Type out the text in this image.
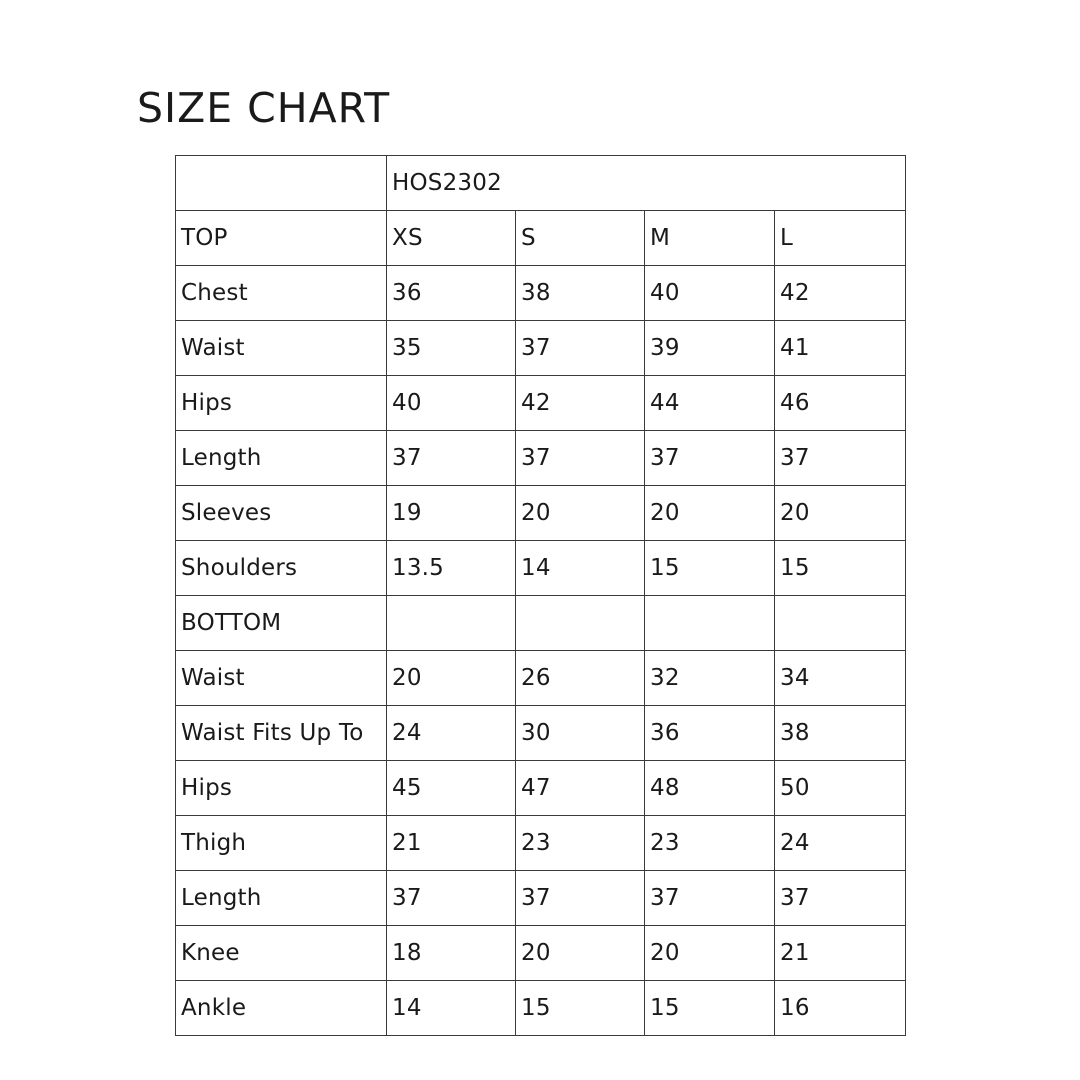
SIZE CHART
	HOS2302			
TOP	XS	S	M	L
Chest	36	38	40	42
Waist	35	37	39	41
Hips	40	42	44	46
Length	37	37	37	37
Sleeves	19	20	20	20
Shoulders	13.5	14	15	15
BOTTOM				
Waist	20	26	32	34
Waist Fits Up To	24	30	36	38
Hips	45	47	48	50
Thigh	21	23	23	24
Length	37	37	37	37
Knee	18	20	20	21
Ankle	14	15	15	16
